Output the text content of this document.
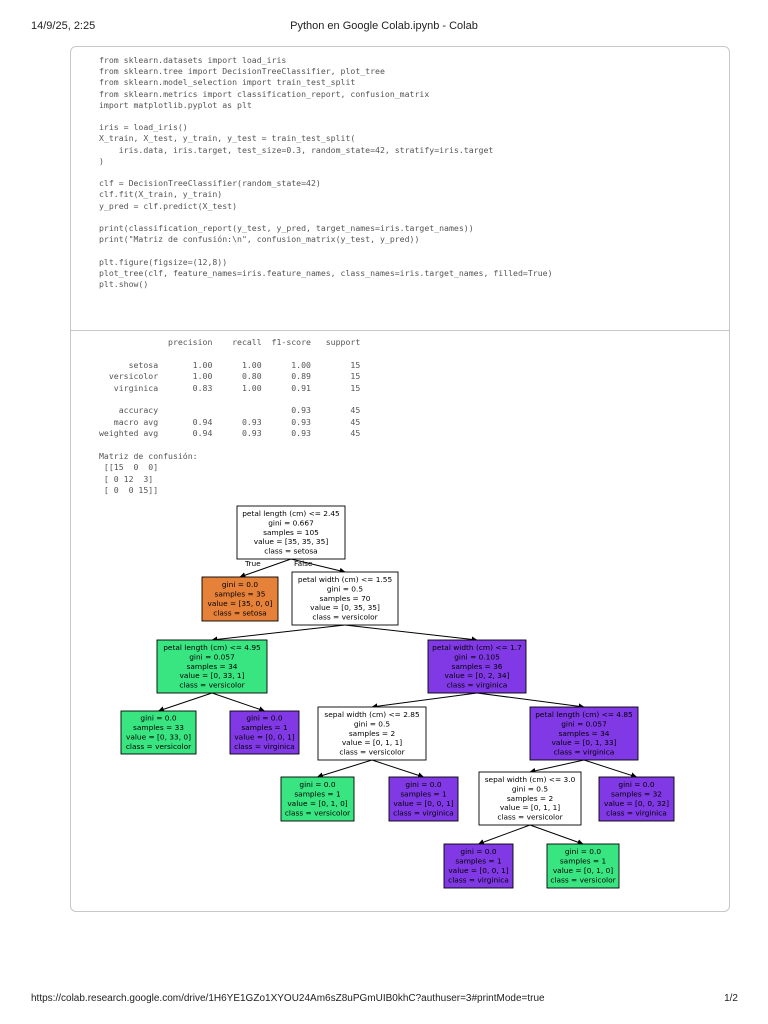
14/9/25, 2:25	Python en Google Colab.ipynb - Colab
from sklearn.datasets import load_iris
from sklearn.tree import DecisionTreeClassifier, plot_tree
from sklearn.model_selection import train_test_split
from sklearn.metrics import classification_report, confusion_matrix
import matplotlib.pyplot as plt

iris = load_iris()
X_train, X_test, y_train, y_test = train_test_split(
iris.data, iris.target, test_size=0.3, random_state=42, stratify=iris.target
)

clf = DecisionTreeClassifier(random_state=42)
clf.fit(X_train, y_train)
y_pred = clf.predict(X_test)

print(classification_report(y_test, y_pred, target_names=iris.target_names))
print("Matriz de confusión:\n", confusion_matrix(y_test, y_pred))

plt.figure(figsize=(12,8))
plot_tree(clf, feature_names=iris.feature_names, class_names=iris.target_names, filled=True)
plt.show()
precision    recall  f1-score   support

setosa       1.00      1.00      1.00        15
versicolor       1.00      0.80      0.89        15
virginica       0.83      1.00      0.91        15

accuracy                           0.93        45
macro avg       0.94      0.93      0.93        45
weighted avg       0.94      0.93      0.93        45

Matriz de confusión:
[[15  0  0]
[ 0 12  3]
[ 0  0 15]]
True	False
petal length (cm) <= 2.45
gini = 0.667
samples = 105
value = [35, 35, 35]
class = setosa
gini = 0.0
samples = 35
value = [35, 0, 0]
class = setosa
petal width (cm) <= 1.55
gini = 0.5
samples = 70
value = [0, 35, 35]
class = versicolor
petal length (cm) <= 4.95
gini = 0.057
samples = 34
value = [0, 33, 1]
class = versicolor
petal width (cm) <= 1.7
gini = 0.105
samples = 36
value = [0, 2, 34]
class = virginica
gini = 0.0
samples = 33
value = [0, 33, 0]
class = versicolor
gini = 0.0
samples = 1
value = [0, 0, 1]
class = virginica
sepal width (cm) <= 2.85
gini = 0.5
samples = 2
value = [0, 1, 1]
class = versicolor
petal length (cm) <= 4.85
gini = 0.057
samples = 34
value = [0, 1, 33]
class = virginica
gini = 0.0
samples = 1
value = [0, 1, 0]
class = versicolor
gini = 0.0
samples = 1
value = [0, 0, 1]
class = virginica
sepal width (cm) <= 3.0
gini = 0.5
samples = 2
value = [0, 1, 1]
class = versicolor
gini = 0.0
samples = 32
value = [0, 0, 32]
class = virginica
gini = 0.0
samples = 1
value = [0, 0, 1]
class = virginica
gini = 0.0
samples = 1
value = [0, 1, 0]
class = versicolor
https://colab.research.google.com/drive/1H6YE1GZo1XYOU24Am6sZ8uPGmUIB0khC?authuser=3#printMode=true	1/2
